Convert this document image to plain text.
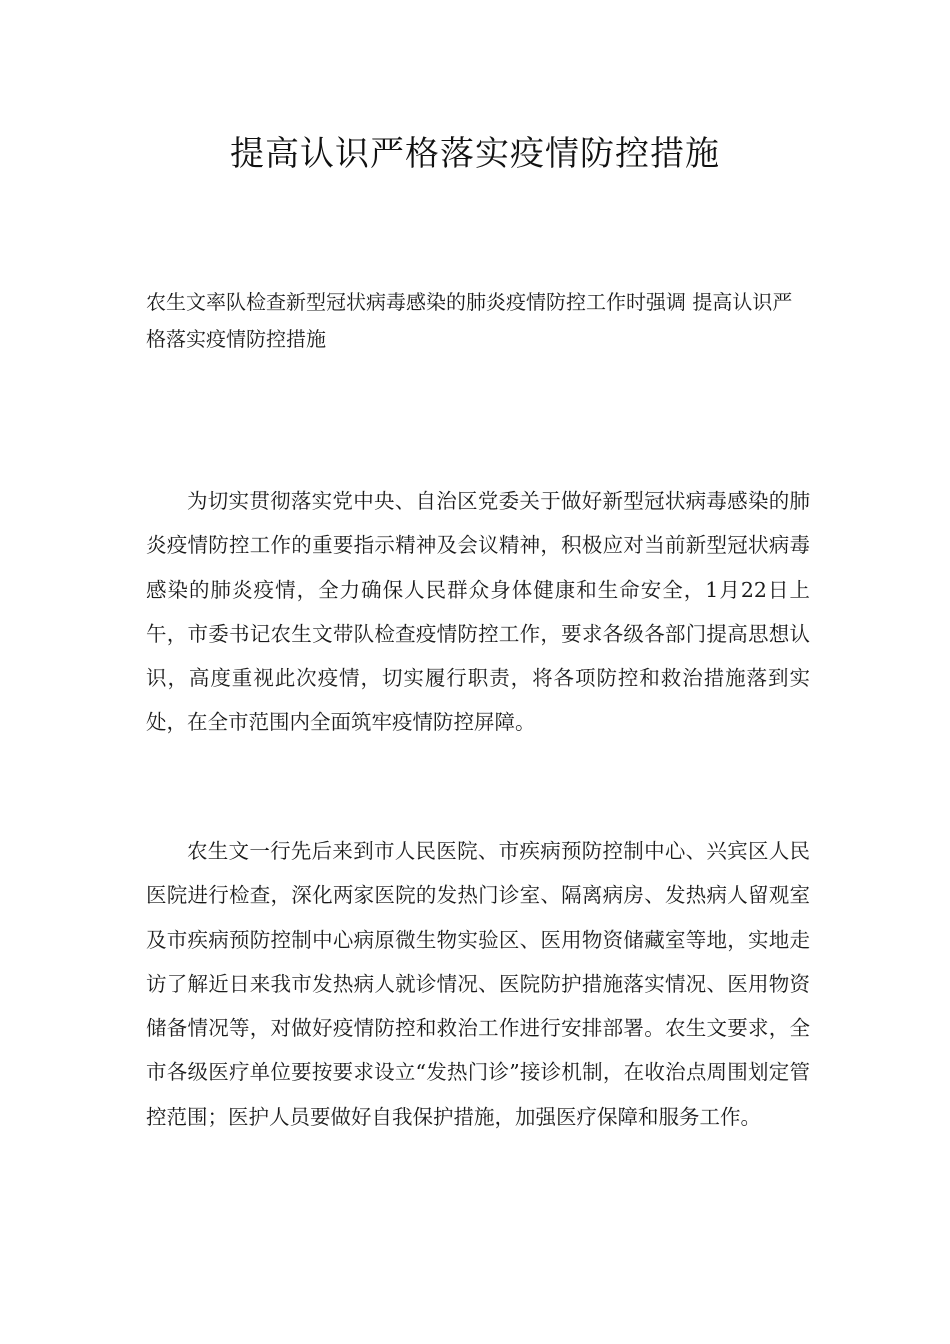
提高认识严格落实疫情防控措施

农生文率队检查新型冠状病毒感染的肺炎疫情防控工作时强调 提高认识严格落实疫情防控措施

为切实贯彻落实党中央、自治区党委关于做好新型冠状病毒感染的肺炎疫情防控工作的重要指示精神及会议精神，积极应对当前新型冠状病毒感染的肺炎疫情，全力确保人民群众身体健康和生命安全，1月22日上午，市委书记农生文带队检查疫情防控工作，要求各级各部门提高思想认识，高度重视此次疫情，切实履行职责，将各项防控和救治措施落到实处，在全市范围内全面筑牢疫情防控屏障。

农生文一行先后来到市人民医院、市疾病预防控制中心、兴宾区人民医院进行检查，深化两家医院的发热门诊室、隔离病房、发热病人留观室及市疾病预防控制中心病原微生物实验区、医用物资储藏室等地，实地走访了解近日来我市发热病人就诊情况、医院防护措施落实情况、医用物资储备情况等，对做好疫情防控和救治工作进行安排部署。农生文要求，全市各级医疗单位要按要求设立“发热门诊”接诊机制，在收治点周围划定管控范围；医护人员要做好自我保护措施，加强医疗保障和服务工作。
